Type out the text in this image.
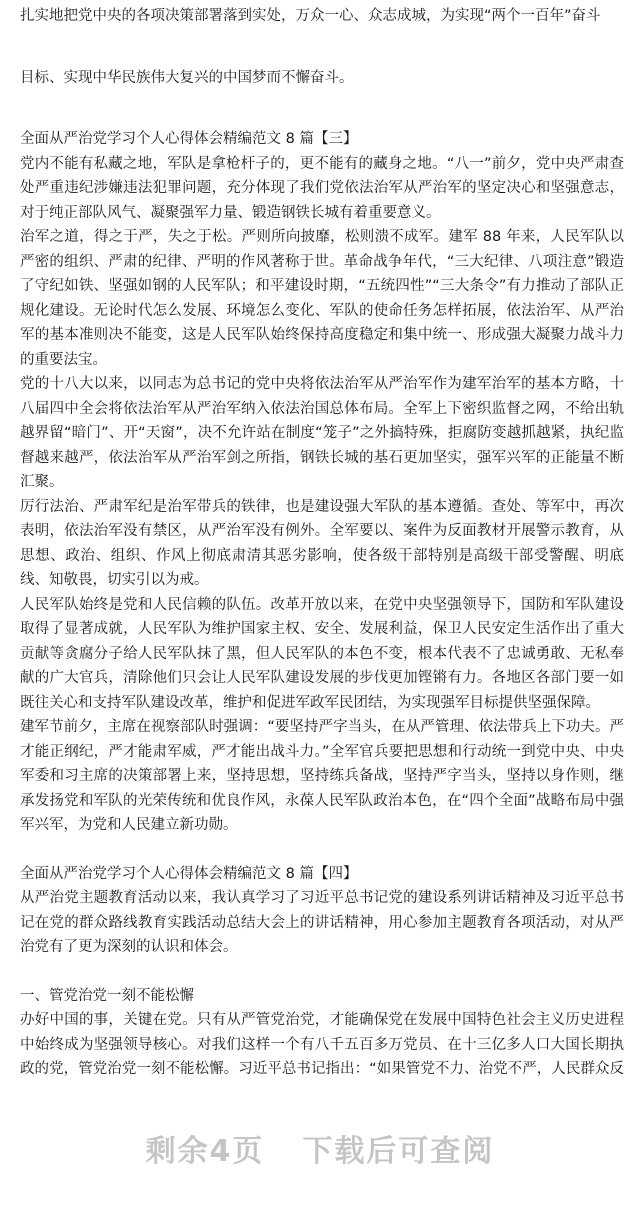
扎实地把党中央的各项决策部署落到实处，万众一心、众志成城，为实现“两个一百年”奋斗

目标、实现中华民族伟大复兴的中国梦而不懈奋斗。

全面从严治党学习个人心得体会精编范文 8 篇【三】

党内不能有私藏之地，军队是拿枪杆子的，更不能有的藏身之地。“八一”前夕，党中央严肃查处严重违纪涉嫌违法犯罪问题，充分体现了我们党依法治军从严治军的坚定决心和坚强意志，对于纯正部队风气、凝聚强军力量、锻造钢铁长城有着重要意义。

治军之道，得之于严，失之于松。严则所向披靡，松则溃不成军。建军 88 年来，人民军队以严密的组织、严肃的纪律、严明的作风著称于世。革命战争年代，“三大纪律、八项注意”锻造了守纪如铁、坚强如钢的人民军队；和平建设时期，“五统四性”“三大条令”有力推动了部队正规化建设。无论时代怎么发展、环境怎么变化、军队的使命任务怎样拓展，依法治军、从严治军的基本准则决不能变，这是人民军队始终保持高度稳定和集中统一、形成强大凝聚力战斗力的重要法宝。

党的十八大以来，以同志为总书记的党中央将依法治军从严治军作为建军治军的基本方略，十八届四中全会将依法治军从严治军纳入依法治国总体布局。全军上下密织监督之网，不给出轨越界留“暗门”、开“天窗”，决不允许站在制度“笼子”之外搞特殊，拒腐防变越抓越紧，执纪监督越来越严，依法治军从严治军剑之所指，钢铁长城的基石更加坚实，强军兴军的正能量不断汇聚。

厉行法治、严肃军纪是治军带兵的铁律，也是建设强大军队的基本遵循。查处、等军中，再次表明，依法治军没有禁区，从严治军没有例外。全军要以、案件为反面教材开展警示教育，从思想、政治、组织、作风上彻底肃清其恶劣影响，使各级干部特别是高级干部受警醒、明底线、知敬畏，切实引以为戒。

人民军队始终是党和人民信赖的队伍。改革开放以来，在党中央坚强领导下，国防和军队建设取得了显著成就，人民军队为维护国家主权、安全、发展利益，保卫人民安定生活作出了重大贡献等贪腐分子给人民军队抹了黑，但人民军队的本色不变，根本代表不了忠诚勇敢、无私奉献的广大官兵，清除他们只会让人民军队建设发展的步伐更加铿锵有力。各地区各部门要一如既往关心和支持军队建设改革，维护和促进军政军民团结，为实现强军目标提供坚强保障。

建军节前夕，主席在视察部队时强调：“要坚持严字当头，在从严管理、依法带兵上下功夫。严才能正纲纪，严才能肃军威，严才能出战斗力。”全军官兵要把思想和行动统一到党中央、中央军委和习主席的决策部署上来，坚持思想，坚持练兵备战，坚持严字当头，坚持以身作则，继承发扬党和军队的光荣传统和优良作风，永葆人民军队政治本色，在“四个全面”战略布局中强军兴军，为党和人民建立新功勋。

全面从严治党学习个人心得体会精编范文 8 篇【四】

从严治党主题教育活动以来，我认真学习了习近平总书记党的建设系列讲话精神及习近平总书记在党的群众路线教育实践活动总结大会上的讲话精神，用心参加主题教育各项活动，对从严治党有了更为深刻的认识和体会。

一、管党治党一刻不能松懈

办好中国的事，关键在党。只有从严管党治党，才能确保党在发展中国特色社会主义历史进程中始终成为坚强领导核心。对我们这样一个有八千五百多万党员、在十三亿多人口大国长期执政的党，管党治党一刻不能松懈。习近平总书记指出：“如果管党不力、治党不严，人民群众反

剩余4页 下载后可查阅
